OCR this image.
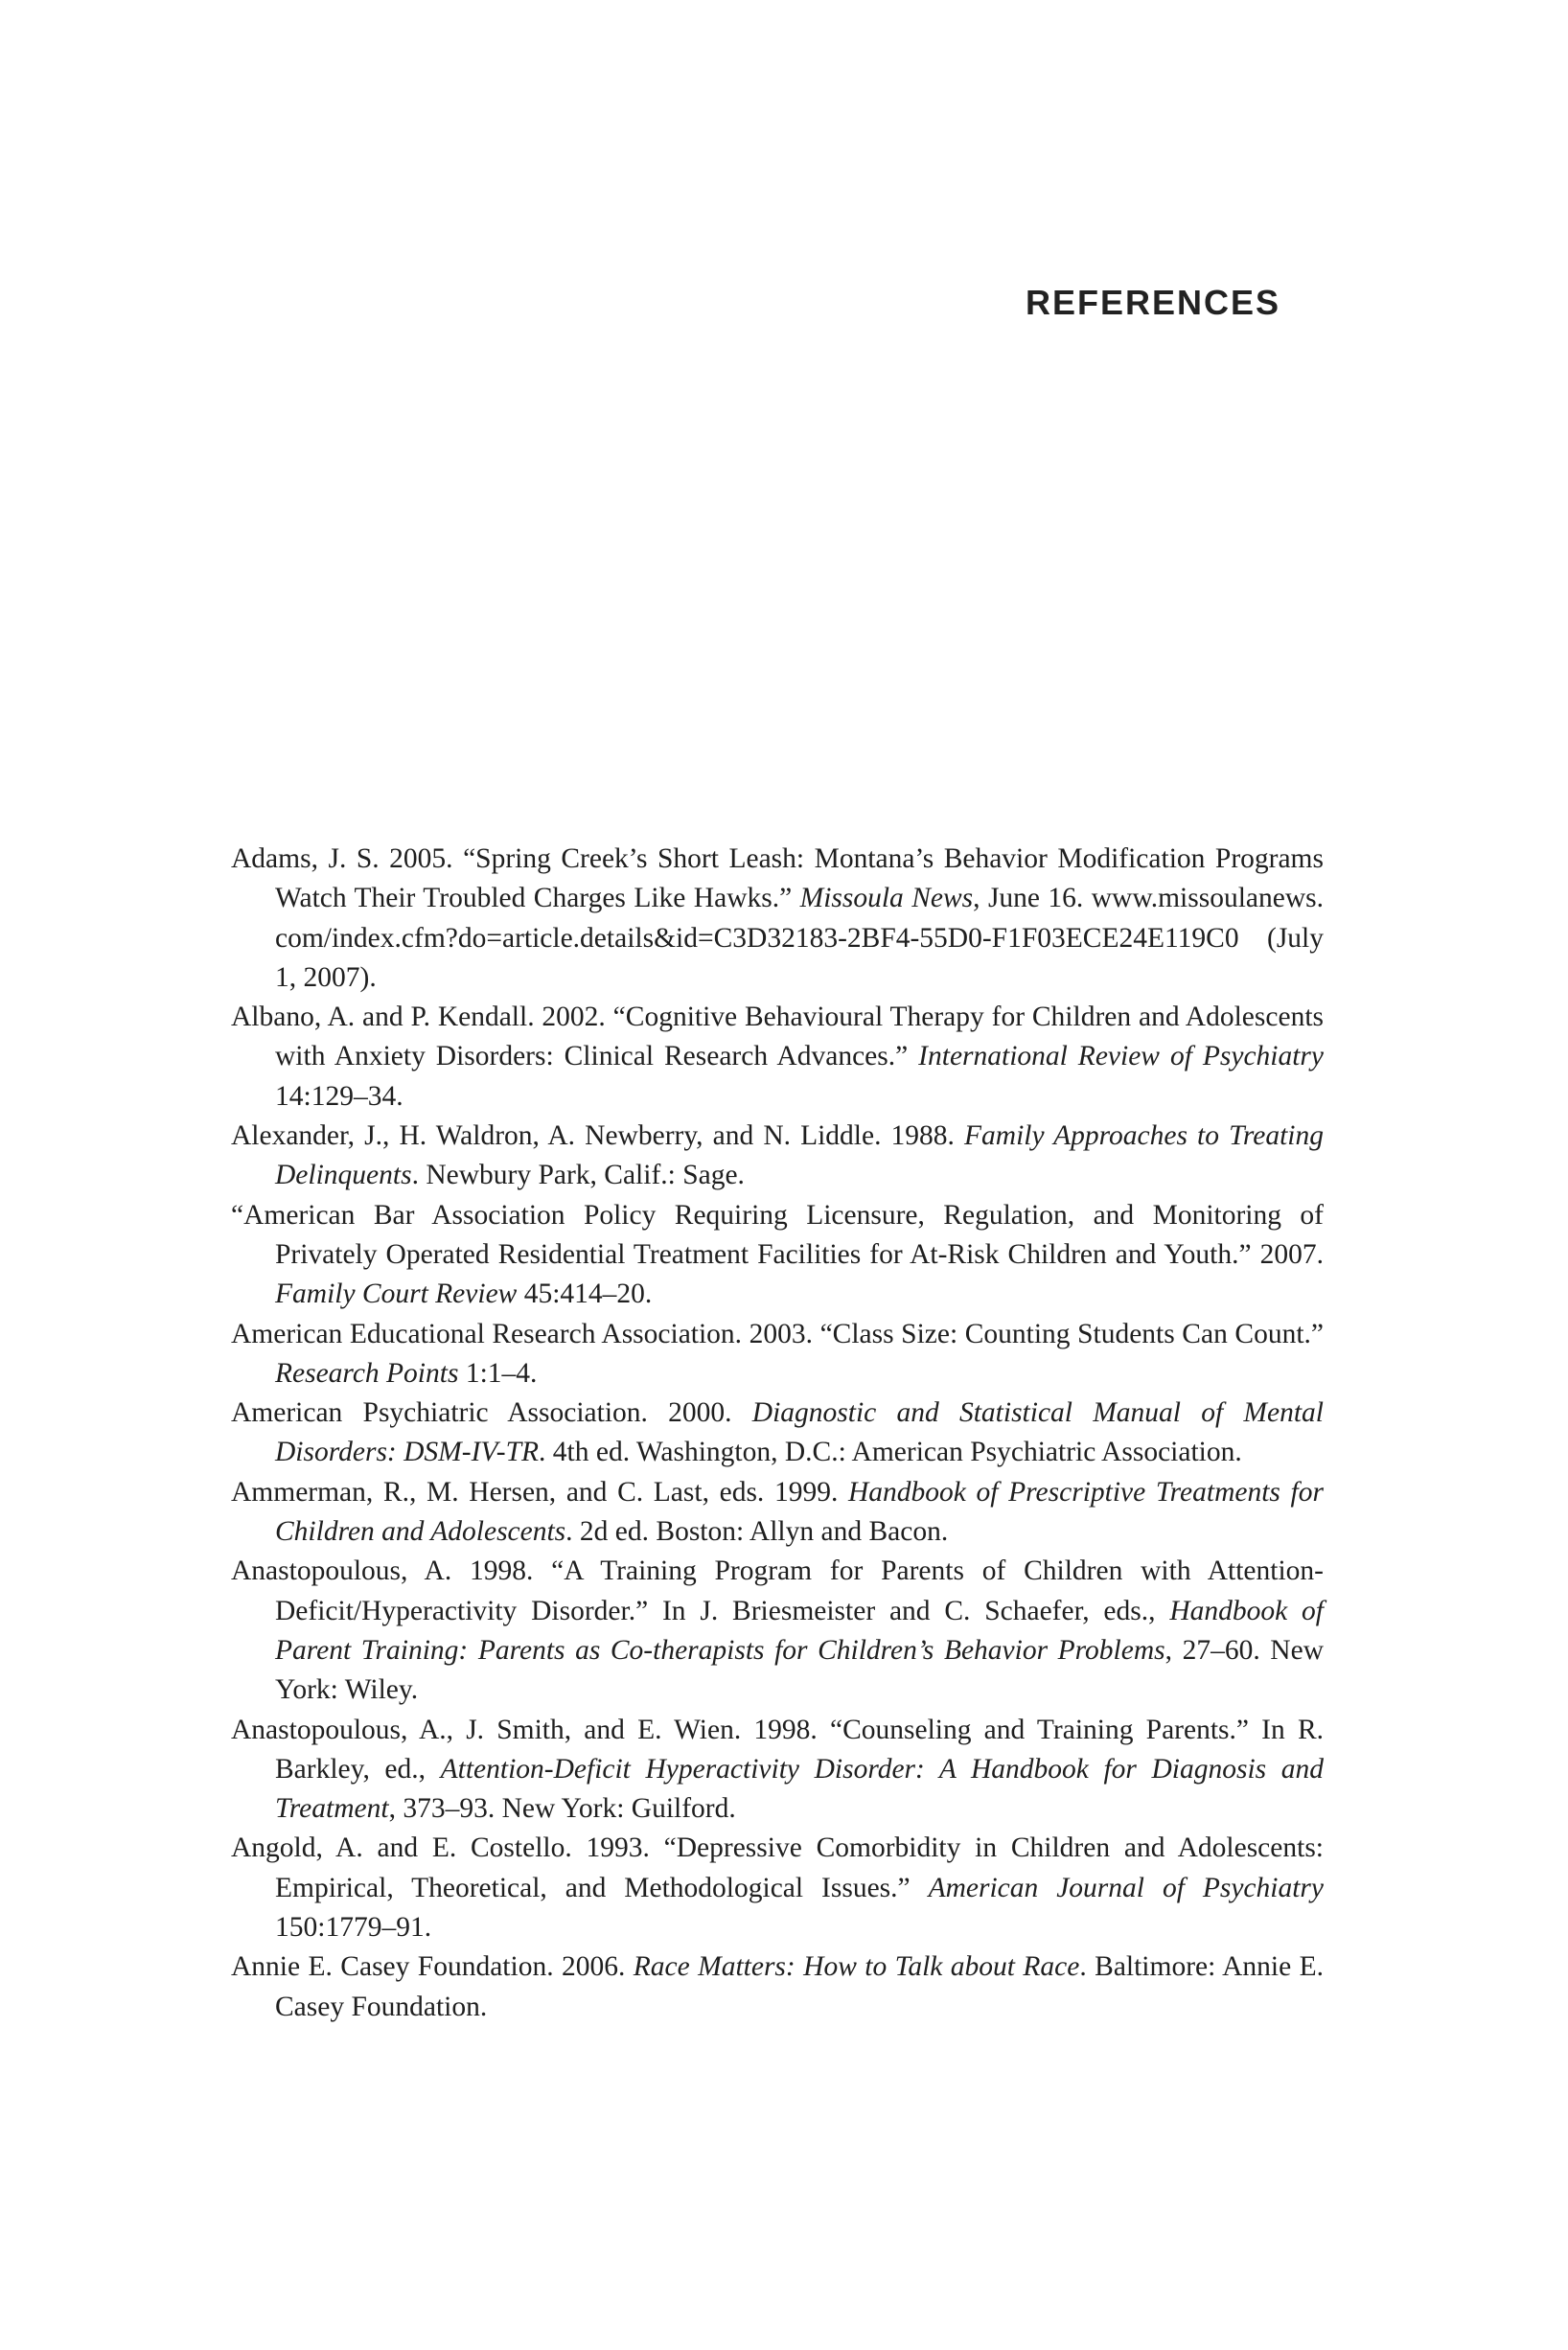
REFERENCES
Adams, J. S. 2005. “Spring Creek’s Short Leash: Montana’s Behavior Modification Programs Watch Their Troubled Charges Like Hawks.” Missoula News, June 16. www.missoulanews.com/index.cfm?do=article.details&id=C3D32183-2BF4-55D0-F1F03ECE24E119C0 (July 1, 2007).
Albano, A. and P. Kendall. 2002. “Cognitive Behavioural Therapy for Children and Adolescents with Anxiety Disorders: Clinical Research Advances.” International Review of Psychiatry 14:129–34.
Alexander, J., H. Waldron, A. Newberry, and N. Liddle. 1988. Family Approaches to Treating Delinquents. Newbury Park, Calif.: Sage.
“American Bar Association Policy Requiring Licensure, Regulation, and Monitoring of Privately Operated Residential Treatment Facilities for At-Risk Children and Youth.” 2007. Family Court Review 45:414–20.
American Educational Research Association. 2003. “Class Size: Counting Students Can Count.” Research Points 1:1–4.
American Psychiatric Association. 2000. Diagnostic and Statistical Manual of Mental Disorders: DSM-IV-TR. 4th ed. Washington, D.C.: American Psychiatric Association.
Ammerman, R., M. Hersen, and C. Last, eds. 1999. Handbook of Prescriptive Treatments for Children and Adolescents. 2d ed. Boston: Allyn and Bacon.
Anastopoulous, A. 1998. “A Training Program for Parents of Children with Attention-Deficit/Hyperactivity Disorder.” In J. Briesmeister and C. Schaefer, eds., Handbook of Parent Training: Parents as Co-therapists for Children’s Behavior Problems, 27–60. New York: Wiley.
Anastopoulous, A., J. Smith, and E. Wien. 1998. “Counseling and Training Parents.” In R. Barkley, ed., Attention-Deficit Hyperactivity Disorder: A Handbook for Diagnosis and Treatment, 373–93. New York: Guilford.
Angold, A. and E. Costello. 1993. “Depressive Comorbidity in Children and Adolescents: Empirical, Theoretical, and Methodological Issues.” American Journal of Psychiatry 150:1779–91.
Annie E. Casey Foundation. 2006. Race Matters: How to Talk about Race. Baltimore: Annie E. Casey Foundation.
